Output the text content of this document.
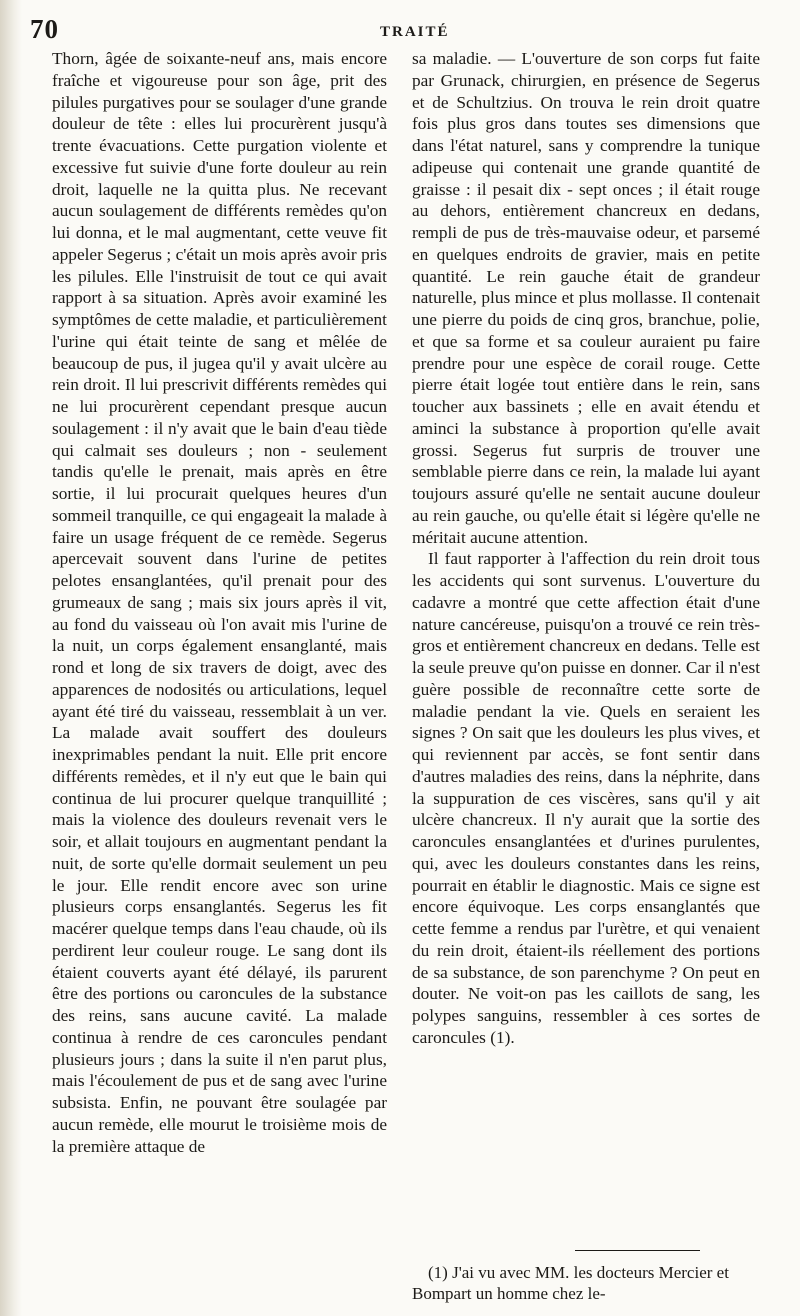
70	TRAITÉ

Thorn, âgée de soixante-neuf ans, mais encore fraîche et vigoureuse pour son âge, prit des pilules purgatives pour se soulager d'une grande douleur de tête : elles lui procurèrent jusqu'à trente évacuations. Cette purgation violente et excessive fut suivie d'une forte douleur au rein droit, laquelle ne la quitta plus. Ne recevant aucun soulagement de différents remèdes qu'on lui donna, et le mal augmentant, cette veuve fit appeler Segerus ; c'était un mois après avoir pris les pilules. Elle l'instruisit de tout ce qui avait rapport à sa situation. Après avoir examiné les symptômes de cette maladie, et particulièrement l'urine qui était teinte de sang et mêlée de beaucoup de pus, il jugea qu'il y avait ulcère au rein droit. Il lui prescrivit différents remèdes qui ne lui procurèrent cependant presque aucun soulagement : il n'y avait que le bain d'eau tiède qui calmait ses douleurs ; non - seulement tandis qu'elle le prenait, mais après en être sortie, il lui procurait quelques heures d'un sommeil tranquille, ce qui engageait la malade à faire un usage fréquent de ce remède. Segerus apercevait souvent dans l'urine de petites pelotes ensanglantées, qu'il prenait pour des grumeaux de sang ; mais six jours après il vit, au fond du vaisseau où l'on avait mis l'urine de la nuit, un corps également ensanglanté, mais rond et long de six travers de doigt, avec des apparences de nodosités ou articulations, lequel ayant été tiré du vaisseau, ressemblait à un ver. La malade avait souffert des douleurs inexprimables pendant la nuit. Elle prit encore différents remèdes, et il n'y eut que le bain qui continua de lui procurer quelque tranquillité ; mais la violence des douleurs revenait vers le soir, et allait toujours en augmentant pendant la nuit, de sorte qu'elle dormait seulement un peu le jour. Elle rendit encore avec son urine plusieurs corps ensanglantés. Segerus les fit macérer quelque temps dans l'eau chaude, où ils perdirent leur couleur rouge. Le sang dont ils étaient couverts ayant été délayé, ils parurent être des portions ou caroncules de la substance des reins, sans aucune cavité. La malade continua à rendre de ces caroncules pendant plusieurs jours ; dans la suite il n'en parut plus, mais l'écoulement de pus et de sang avec l'urine subsista. Enfin, ne pouvant être soulagée par aucun remède, elle mourut le troisième mois de la première attaque de

sa maladie. — L'ouverture de son corps fut faite par Grunack, chirurgien, en présence de Segerus et de Schultzius. On trouva le rein droit quatre fois plus gros dans toutes ses dimensions que dans l'état naturel, sans y comprendre la tunique adipeuse qui contenait une grande quantité de graisse : il pesait dix - sept onces ; il était rouge au dehors, entièrement chancreux en dedans, rempli de pus de très-mauvaise odeur, et parsemé en quelques endroits de gravier, mais en petite quantité. Le rein gauche était de grandeur naturelle, plus mince et plus mollasse. Il contenait une pierre du poids de cinq gros, branchue, polie, et que sa forme et sa couleur auraient pu faire prendre pour une espèce de corail rouge. Cette pierre était logée tout entière dans le rein, sans toucher aux bassinets ; elle en avait étendu et aminci la substance à proportion qu'elle avait grossi. Segerus fut surpris de trouver une semblable pierre dans ce rein, la malade lui ayant toujours assuré qu'elle ne sentait aucune douleur au rein gauche, ou qu'elle était si légère qu'elle ne méritait aucune attention.

Il faut rapporter à l'affection du rein droit tous les accidents qui sont survenus. L'ouverture du cadavre a montré que cette affection était d'une nature cancéreuse, puisqu'on a trouvé ce rein très-gros et entièrement chancreux en dedans. Telle est la seule preuve qu'on puisse en donner. Car il n'est guère possible de reconnaître cette sorte de maladie pendant la vie. Quels en seraient les signes ? On sait que les douleurs les plus vives, et qui reviennent par accès, se font sentir dans d'autres maladies des reins, dans la néphrite, dans la suppuration de ces viscères, sans qu'il y ait ulcère chancreux. Il n'y aurait que la sortie des caroncules ensanglantées et d'urines purulentes, qui, avec les douleurs constantes dans les reins, pourrait en établir le diagnostic. Mais ce signe est encore équivoque. Les corps ensanglantés que cette femme a rendus par l'urètre, et qui venaient du rein droit, étaient-ils réellement des portions de sa substance, de son parenchyme ? On peut en douter. Ne voit-on pas les caillots de sang, les polypes sanguins, ressembler à ces sortes de caroncules (1).

(1) J'ai vu avec MM. les docteurs Mercier et Bompart un homme chez le-
